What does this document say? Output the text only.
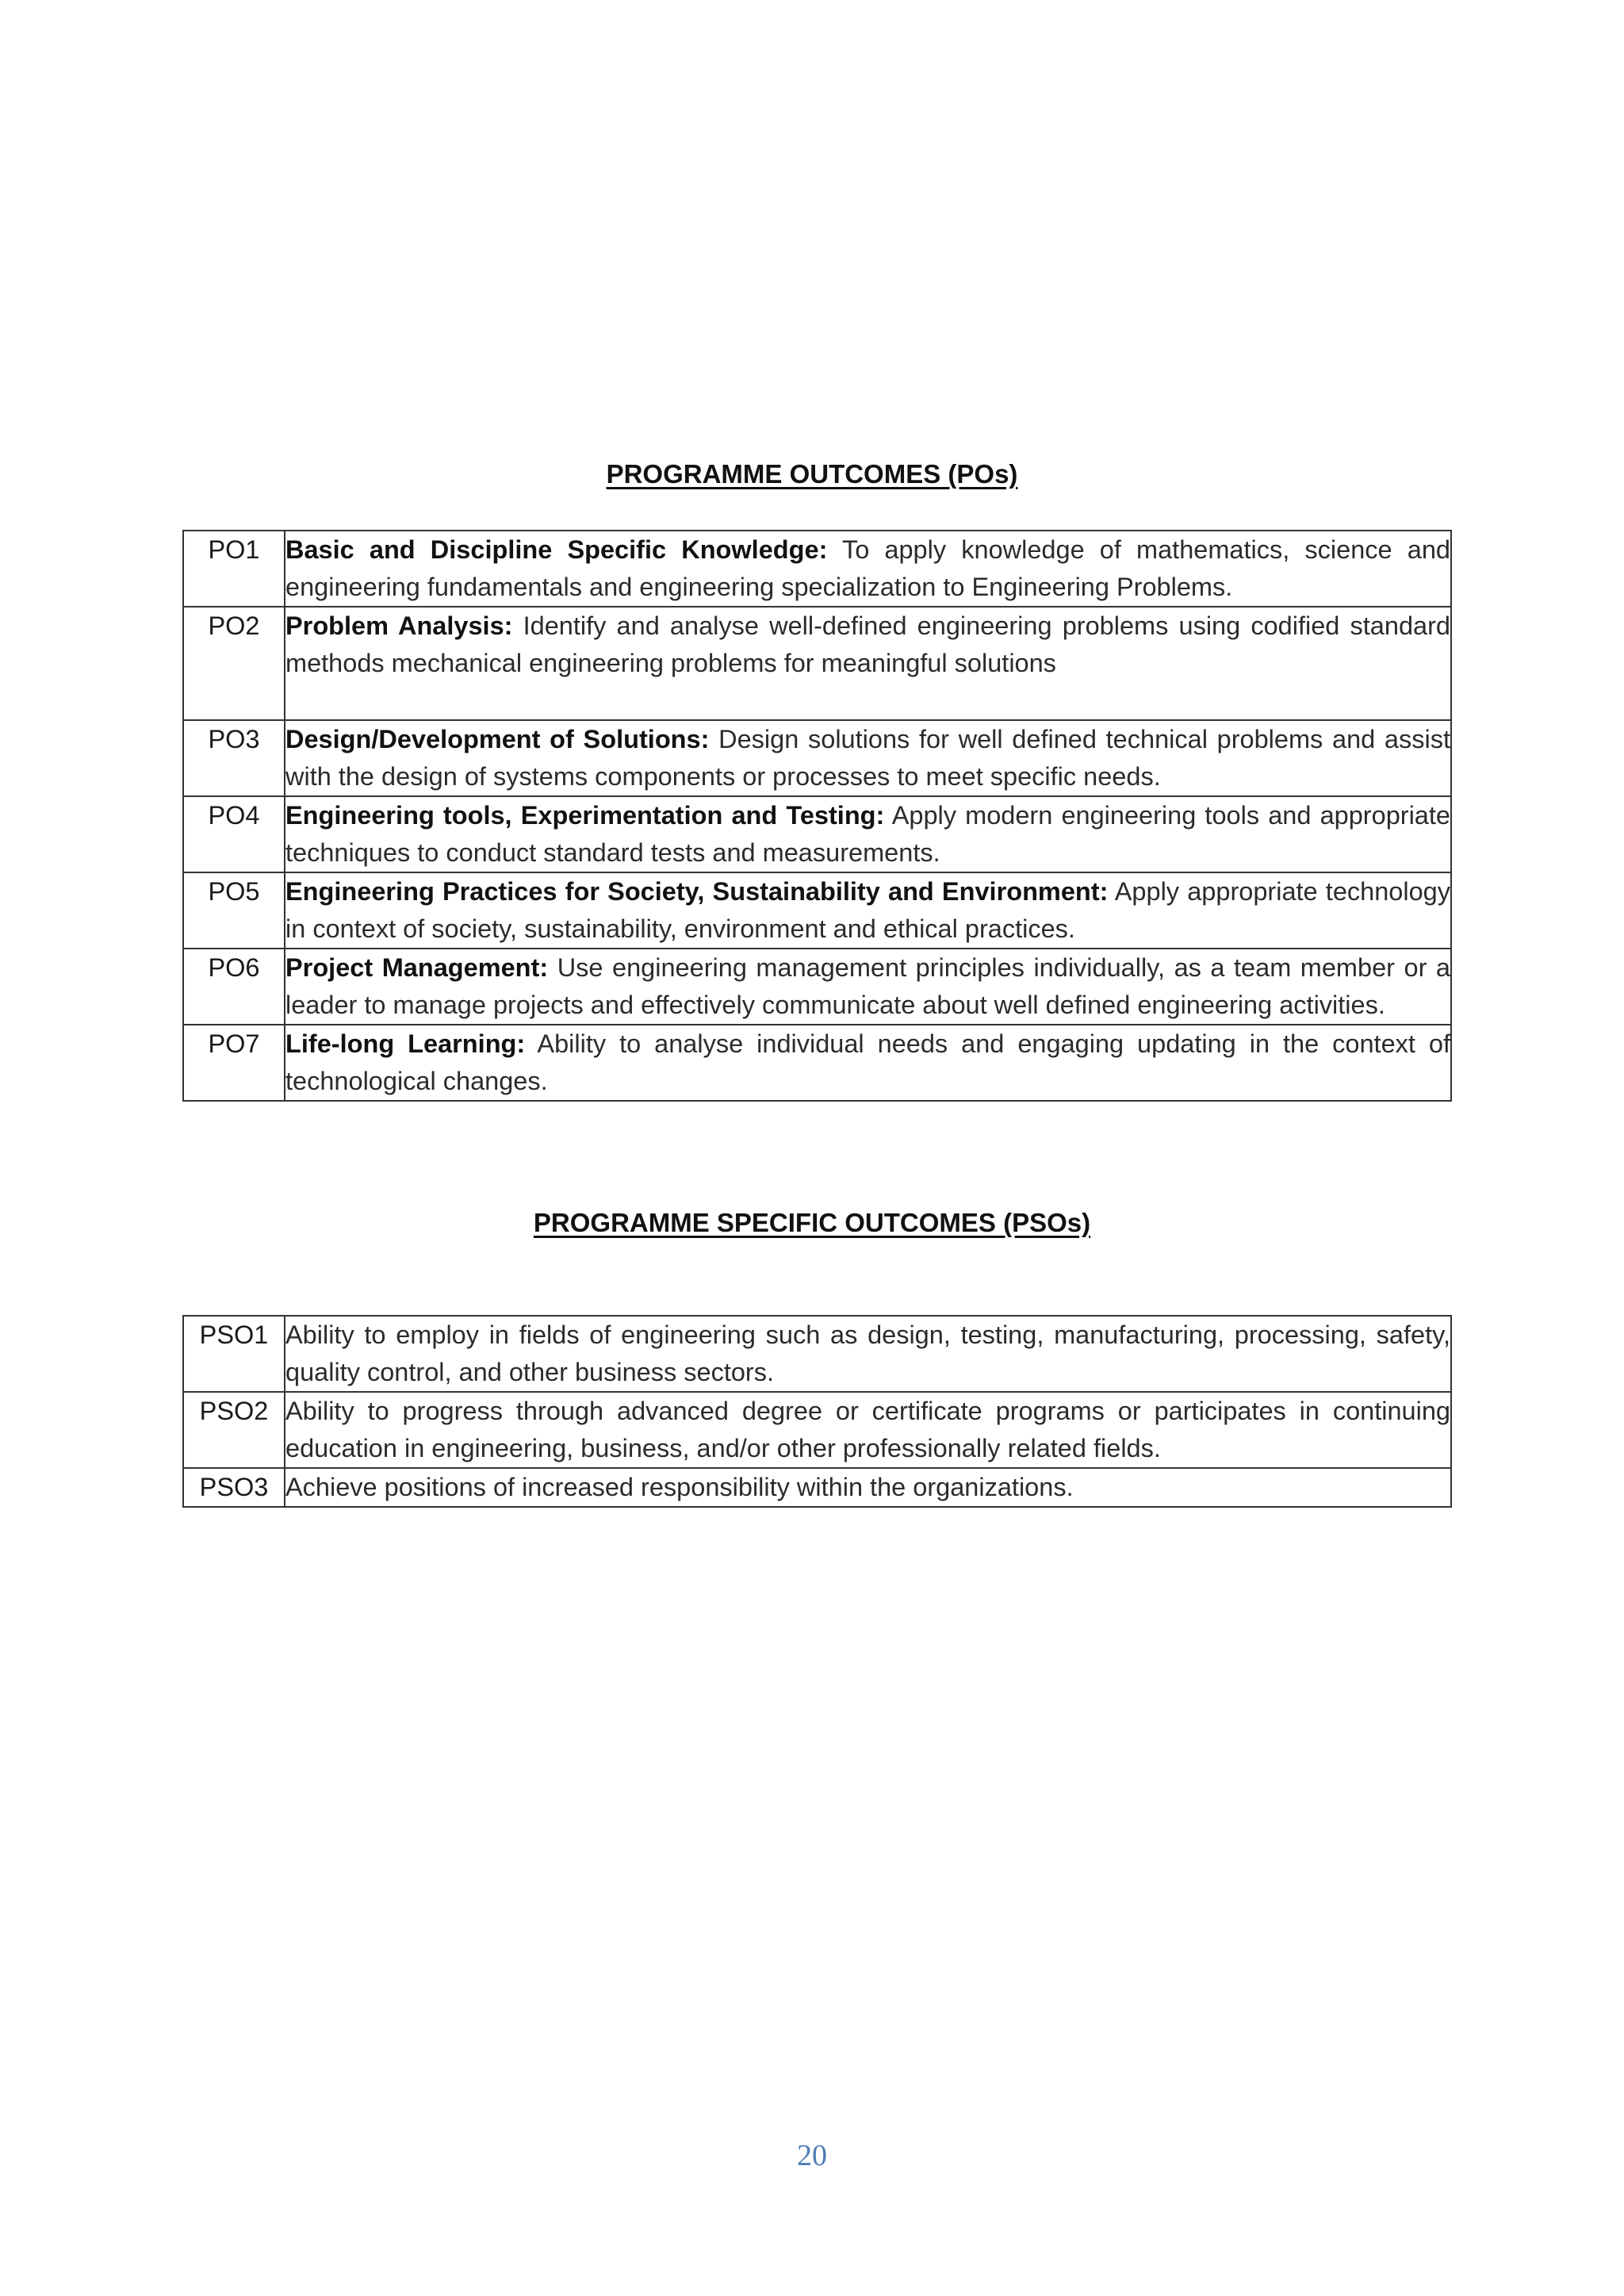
PROGRAMME OUTCOMES (POs)
PO1	Basic and Discipline Specific Knowledge: To apply knowledge of mathematics, science and engineering fundamentals and engineering specialization to Engineering Problems.
PO2	Problem Analysis: Identify and analyse well-defined engineering problems using codified standard methods mechanical engineering problems for meaningful solutions

PO3	Design/Development of Solutions: Design solutions for well defined technical problems and assist with the design of systems components or processes to meet specific needs.
PO4	Engineering tools, Experimentation and Testing: Apply modern engineering tools and appropriate techniques to conduct standard tests and measurements.
PO5	Engineering Practices for Society, Sustainability and Environment: Apply appropriate technology in context of society, sustainability, environment and ethical practices.
PO6	Project Management: Use engineering management principles individually, as a team member or a leader to manage projects and effectively communicate about well defined engineering activities.
PO7	Life-long Learning: Ability to analyse individual needs and engaging updating in the context of technological changes.
PROGRAMME SPECIFIC OUTCOMES (PSOs)
PSO1	Ability to employ in fields of engineering such as design, testing, manufacturing, processing, safety, quality control, and other business sectors.
PSO2	Ability to progress through advanced degree or certificate programs or participates in continuing education in engineering, business, and/or other professionally related fields.
PSO3	Achieve positions of increased responsibility within the organizations.
20
